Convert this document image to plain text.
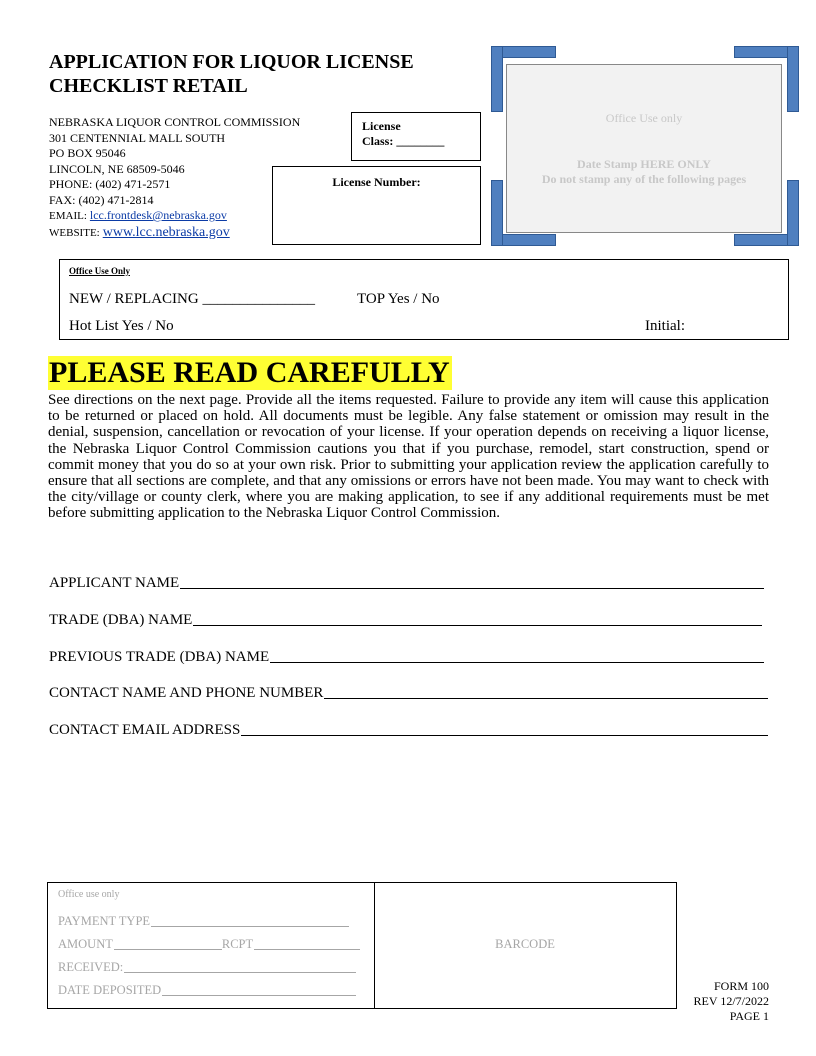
APPLICATION FOR LIQUOR LICENSE
CHECKLIST RETAIL
NEBRASKA LIQUOR CONTROL COMMISSION
301 CENTENNIAL MALL SOUTH
PO BOX 95046
LINCOLN, NE 68509-5046
PHONE: (402) 471-2571
FAX: (402) 471-2814
EMAIL: lcc.frontdesk@nebraska.gov
WEBSITE: www.lcc.nebraska.gov
License
Class: ________
License Number:
Office Use only
Date Stamp HERE ONLY
Do not stamp any of the following pages
Office Use Only
NEW / REPLACING _______________	TOP Yes / No
Hot List Yes / No	Initial:
PLEASE READ CAREFULLY
See directions on the next page. Provide all the items requested. Failure to provide any item will cause this application to be returned or placed on hold. All documents must be legible. Any false statement or omission may result in the denial, suspension, cancellation or revocation of your license. If your operation depends on receiving a liquor license, the Nebraska Liquor Control Commission cautions you that if you purchase, remodel, start construction, spend or commit money that you do so at your own risk. Prior to submitting your application review the application carefully to ensure that all sections are complete, and that any omissions or errors have not been made. You may want to check with the city/village or county clerk, where you are making application, to see if any additional requirements must be met before submitting application to the Nebraska Liquor Control Commission.
APPLICANT NAME
TRADE (DBA) NAME
PREVIOUS TRADE (DBA) NAME
CONTACT NAME AND PHONE NUMBER
CONTACT EMAIL ADDRESS
Office use only
PAYMENT TYPE
AMOUNT	RCPT
RECEIVED:
DATE DEPOSITED
BARCODE
FORM 100
REV 12/7/2022
PAGE 1
